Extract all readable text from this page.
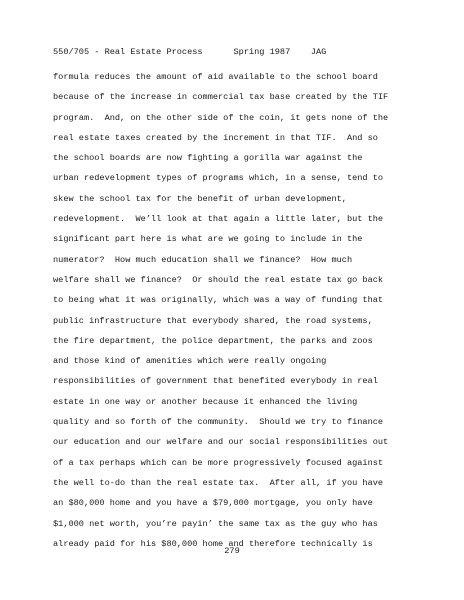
550/705 - Real Estate Process      Spring 1987    JAG
formula reduces the amount of aid available to the school board
because of the increase in commercial tax base created by the TIF
program.  And, on the other side of the coin, it gets none of the
real estate taxes created by the increment in that TIF.  And so
the school boards are now fighting a gorilla war against the
urban redevelopment types of programs which, in a sense, tend to
skew the school tax for the benefit of urban development,
redevelopment.  We’ll look at that again a little later, but the
significant part here is what are we going to include in the
numerator?  How much education shall we finance?  How much
welfare shall we finance?  Or should the real estate tax go back
to being what it was originally, which was a way of funding that
public infrastructure that everybody shared, the road systems,
the fire department, the police department, the parks and zoos
and those kind of amenities which were really ongoing
responsibilities of government that benefited everybody in real
estate in one way or another because it enhanced the living
quality and so forth of the community.  Should we try to finance
our education and our welfare and our social responsibilities out
of a tax perhaps which can be more progressively focused against
the well to-do than the real estate tax.  After all, if you have
an $80,000 home and you have a $79,000 mortgage, you only have
$1,000 net worth, you’re payin’ the same tax as the guy who has
already paid for his $80,000 home and therefore technically is
279
